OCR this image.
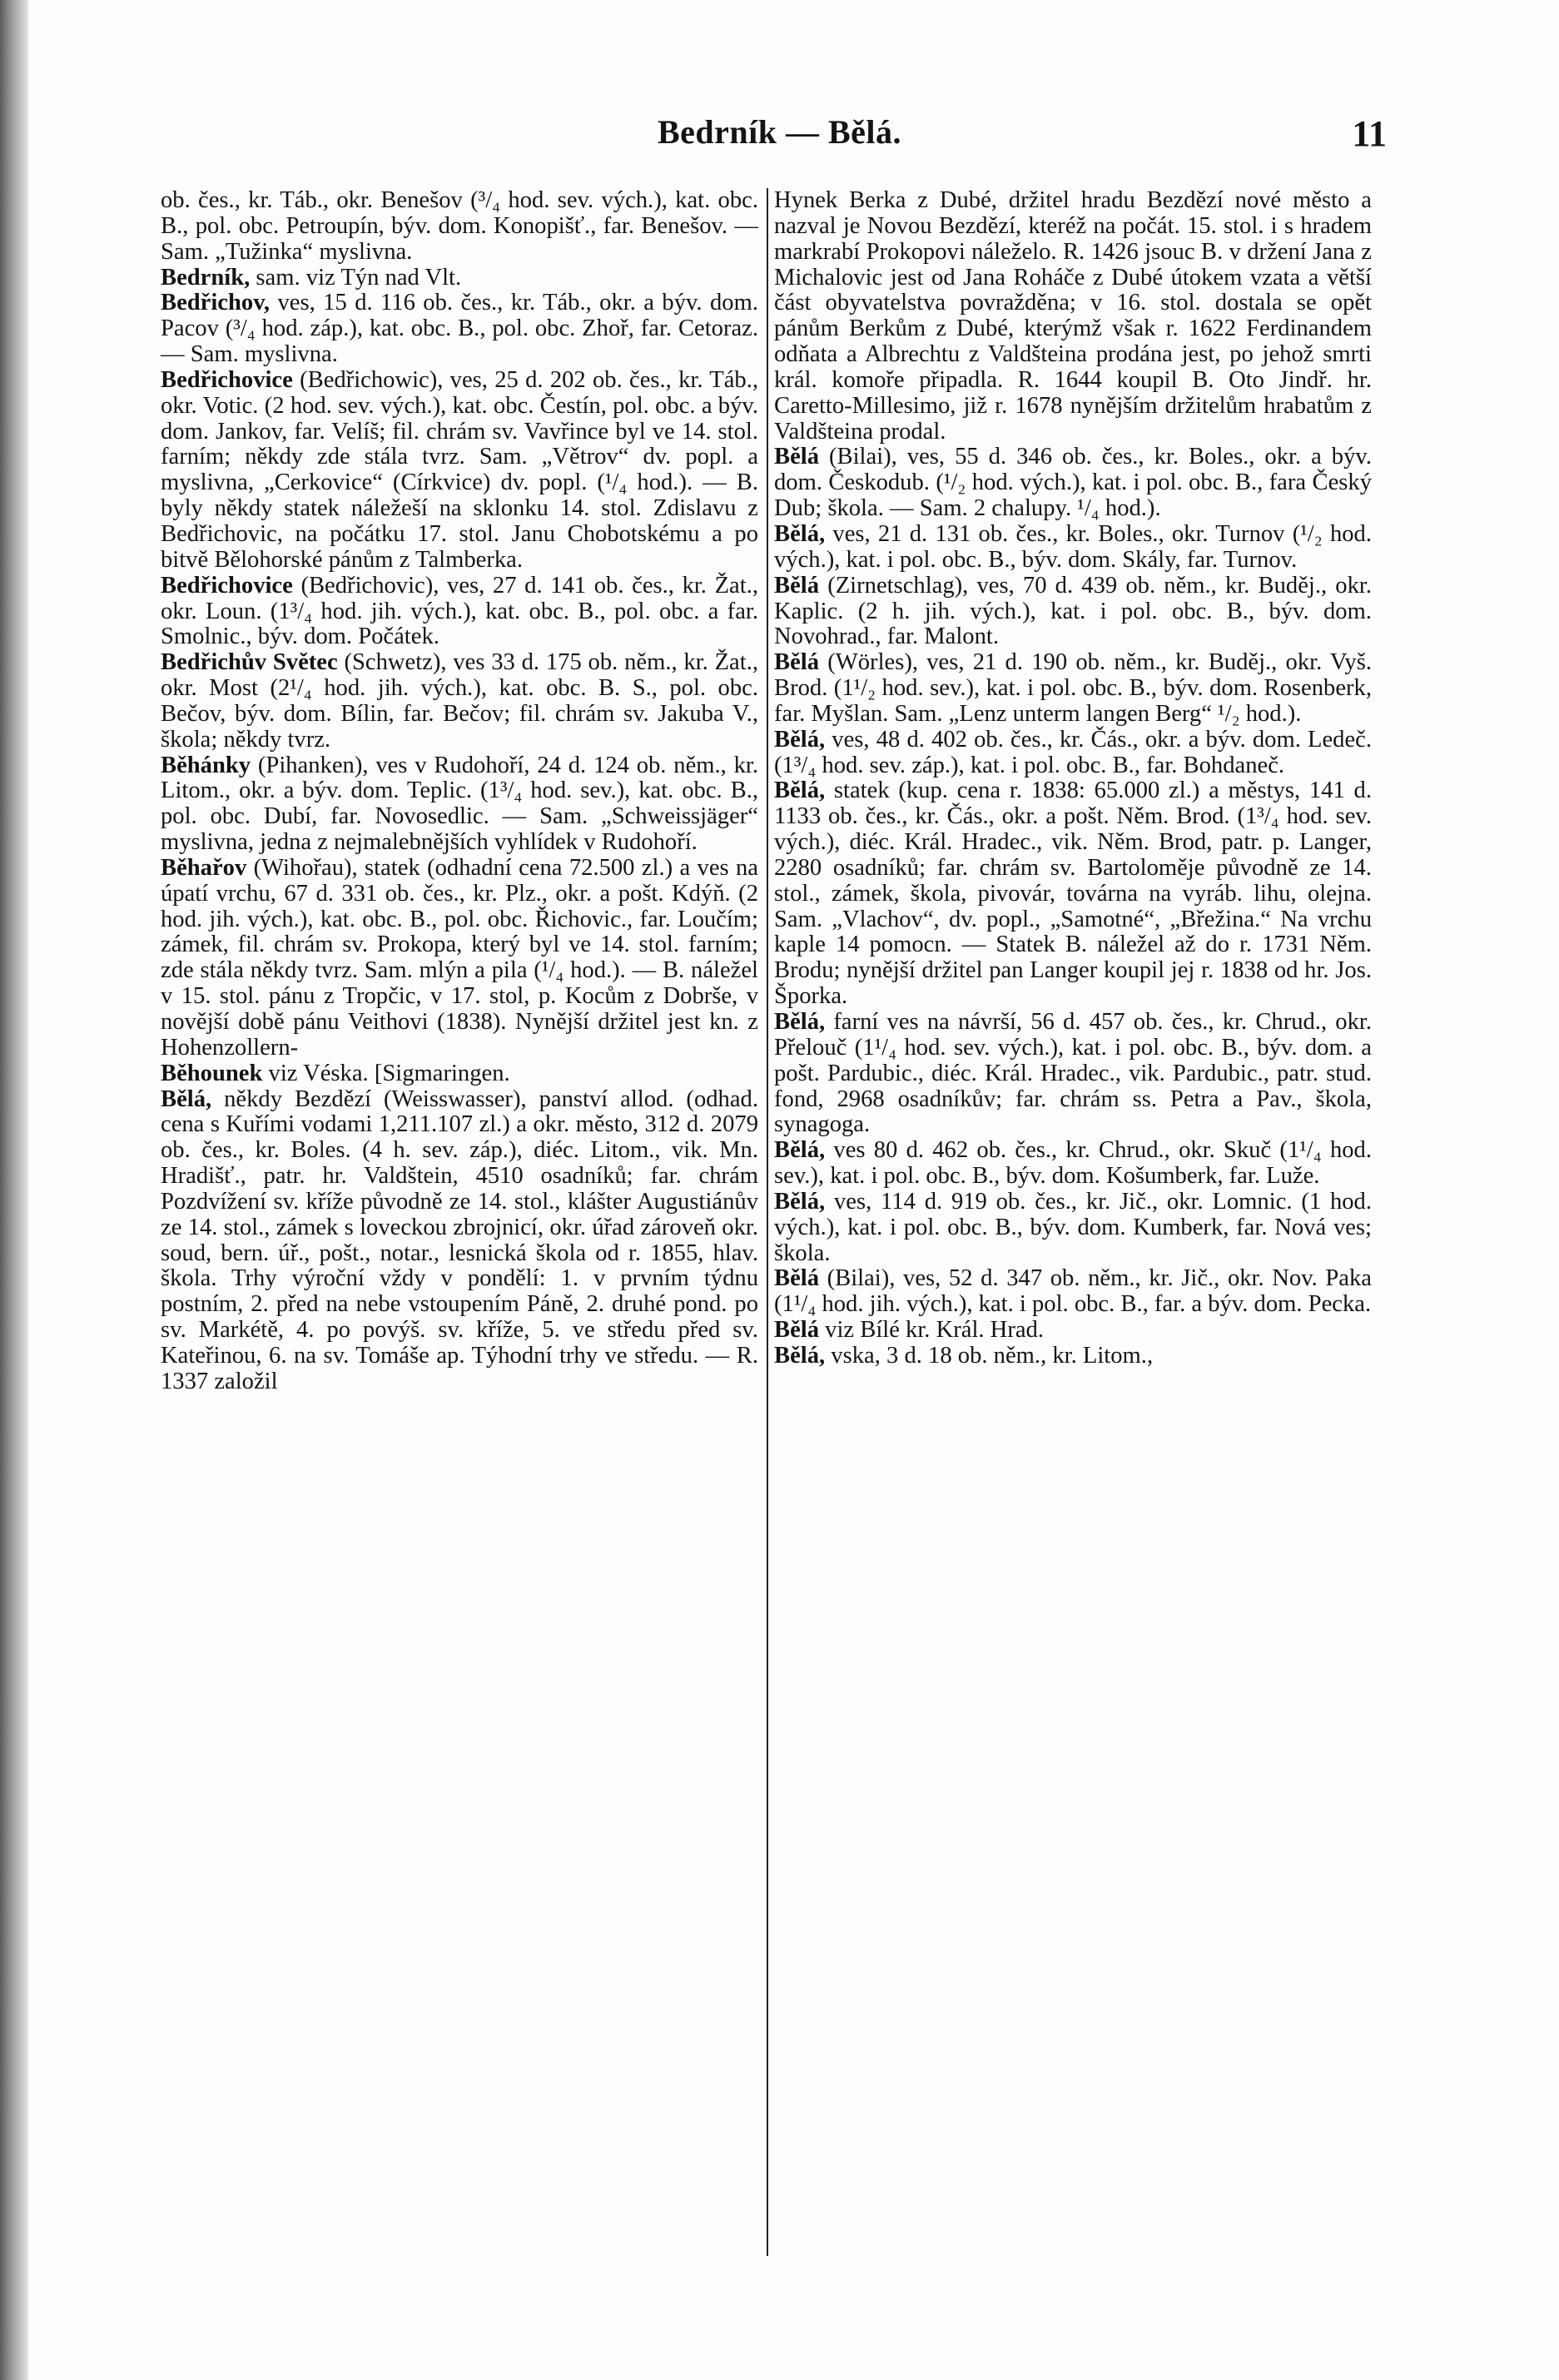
Bedrník — Bělá.	11

ob. čes., kr. Táb., okr. Benešov (³/₄ hod. sev. vých.), kat. obc. B., pol. obc. Petroupín, býv. dom. Konopišť., far. Benešov. — Sam. „Tužinka“ myslivna.

Bedrník, sam. viz Týn nad Vlt.

Bedřichov, ves, 15 d. 116 ob. čes., kr. Táb., okr. a býv. dom. Pacov (³/₄ hod. záp.), kat. obc. B., pol. obc. Zhoř, far. Cetoraz. — Sam. myslivna.

Bedřichovice (Bedřichowic), ves, 25 d. 202 ob. čes., kr. Táb., okr. Votic. (2 hod. sev. vých.), kat. obc. Čestín, pol. obc. a býv. dom. Jankov, far. Velíš; fil. chrám sv. Vavřince byl ve 14. stol. farním; někdy zde stála tvrz. Sam. „Větrov“ dv. popl. a myslivna, „Cerkovice“ (Církvice) dv. popl. (¹/₄ hod.). — B. byly někdy statek náležeší na sklonku 14. stol. Zdislavu z Bedřichovic, na počátku 17. stol. Janu Chobotskému a po bitvě Bělohorské pánům z Talmberka.

Bedřichovice (Bedřichovic), ves, 27 d. 141 ob. čes., kr. Žat., okr. Loun. (1³/₄ hod. jih. vých.), kat. obc. B., pol. obc. a far. Smolnic., býv. dom. Počátek.

Bedřichův Světec (Schwetz), ves 33 d. 175 ob. něm., kr. Žat., okr. Most (2¹/₄ hod. jih. vých.), kat. obc. B. S., pol. obc. Bečov, býv. dom. Bílin, far. Bečov; fil. chrám sv. Jakuba V., škola; někdy tvrz.

Běhánky (Pihanken), ves v Rudohoří, 24 d. 124 ob. něm., kr. Litom., okr. a býv. dom. Teplic. (1³/₄ hod. sev.), kat. obc. B., pol. obc. Dubí, far. Novosedlic. — Sam. „Schweissjäger“ myslivna, jedna z nejmalebnějších vyhlídek v Rudohoří.

Běhařov (Wihořau), statek (odhadní cena 72.500 zl.) a ves na úpatí vrchu, 67 d. 331 ob. čes., kr. Plz., okr. a pošt. Kdýň. (2 hod. jih. vých.), kat. obc. B., pol. obc. Řichovic., far. Loučím; zámek, fil. chrám sv. Prokopa, který byl ve 14. stol. farním; zde stála někdy tvrz. Sam. mlýn a pila (¹/₄ hod.). — B. náležel v 15. stol. pánu z Tropčic, v 17. stol, p. Kocům z Dobrše, v novější době pánu Veithovi (1838). Nynější držitel jest kn. z Hohenzollern-

Běhounek viz Véska. [Sigmaringen.

Bělá, někdy Bezdězí (Weisswasser), panství allod. (odhad. cena s Kuřími vodami 1,211.107 zl.) a okr. město, 312 d. 2079 ob. čes., kr. Boles. (4 h. sev. záp.), diéc. Litom., vik. Mn. Hradišť., patr. hr. Valdštein, 4510 osadníků; far. chrám Pozdvížení sv. kříže původně ze 14. stol., klášter Augustiánův ze 14. stol., zámek s loveckou zbrojnicí, okr. úřad zároveň okr. soud, bern. úř., pošt., notar., lesnická škola od r. 1855, hlav. škola. Trhy výroční vždy v pondělí: 1. v prvním týdnu postním, 2. před na nebe vstoupením Páně, 2. druhé pond. po sv. Markétě, 4. po povýš. sv. kříže, 5. ve středu před sv. Kateřinou, 6. na sv. Tomáše ap. Týhodní trhy ve středu. — R. 1337 založil

Hynek Berka z Dubé, držitel hradu Bezdězí nové město a nazval je Novou Bezdězí, kteréž na počát. 15. stol. i s hradem markrabí Prokopovi náleželo. R. 1426 jsouc B. v držení Jana z Michalovic jest od Jana Roháče z Dubé útokem vzata a větší část obyvatelstva povražděna; v 16. stol. dostala se opět pánům Berkům z Dubé, kterýmž však r. 1622 Ferdinandem odňata a Albrechtu z Valdšteina prodána jest, po jehož smrti král. komoře připadla. R. 1644 koupil B. Oto Jindř. hr. Caretto-Millesimo, již r. 1678 nynějším držitelům hrabatům z Valdšteina prodal.

Bělá (Bilai), ves, 55 d. 346 ob. čes., kr. Boles., okr. a býv. dom. Českodub. (¹/₂ hod. vých.), kat. i pol. obc. B., fara Český Dub; škola. — Sam. 2 chalupy. ¹/₄ hod.).

Bělá, ves, 21 d. 131 ob. čes., kr. Boles., okr. Turnov (¹/₂ hod. vých.), kat. i pol. obc. B., býv. dom. Skály, far. Turnov.

Bělá (Zirnetschlag), ves, 70 d. 439 ob. něm., kr. Buděj., okr. Kaplic. (2 h. jih. vých.), kat. i pol. obc. B., býv. dom. Novohrad., far. Malont.

Bělá (Wörles), ves, 21 d. 190 ob. něm., kr. Buděj., okr. Vyš. Brod. (1¹/₂ hod. sev.), kat. i pol. obc. B., býv. dom. Rosenberk, far. Myšlan. Sam. „Lenz unterm langen Berg“ ¹/₂ hod.).

Bělá, ves, 48 d. 402 ob. čes., kr. Čás., okr. a býv. dom. Ledeč. (1³/₄ hod. sev. záp.), kat. i pol. obc. B., far. Bohdaneč.

Bělá, statek (kup. cena r. 1838: 65.000 zl.) a městys, 141 d. 1133 ob. čes., kr. Čás., okr. a pošt. Něm. Brod. (1³/₄ hod. sev. vých.), diéc. Král. Hradec., vik. Něm. Brod, patr. p. Langer, 2280 osadníků; far. chrám sv. Bartoloměje původně ze 14. stol., zámek, škola, pivovár, továrna na vyráb. lihu, olejna. Sam. „Vlachov“, dv. popl., „Samotné“, „Břežina.“ Na vrchu kaple 14 pomocn. — Statek B. náležel až do r. 1731 Něm. Brodu; nynější držitel pan Langer koupil jej r. 1838 od hr. Jos. Šporka.

Bělá, farní ves na návrší, 56 d. 457 ob. čes., kr. Chrud., okr. Přelouč (1¹/₄ hod. sev. vých.), kat. i pol. obc. B., býv. dom. a pošt. Pardubic., diéc. Král. Hradec., vik. Pardubic., patr. stud. fond, 2968 osadníkův; far. chrám ss. Petra a Pav., škola, synagoga.

Bělá, ves 80 d. 462 ob. čes., kr. Chrud., okr. Skuč (1¹/₄ hod. sev.), kat. i pol. obc. B., býv. dom. Košumberk, far. Luže.

Bělá, ves, 114 d. 919 ob. čes., kr. Jič., okr. Lomnic. (1 hod. vých.), kat. i pol. obc. B., býv. dom. Kumberk, far. Nová ves; škola.

Bělá (Bilai), ves, 52 d. 347 ob. něm., kr. Jič., okr. Nov. Paka (1¹/₄ hod. jih. vých.), kat. i pol. obc. B., far. a býv. dom. Pecka.

Bělá viz Bílé kr. Král. Hrad.

Bělá, vska, 3 d. 18 ob. něm., kr. Litom.,
